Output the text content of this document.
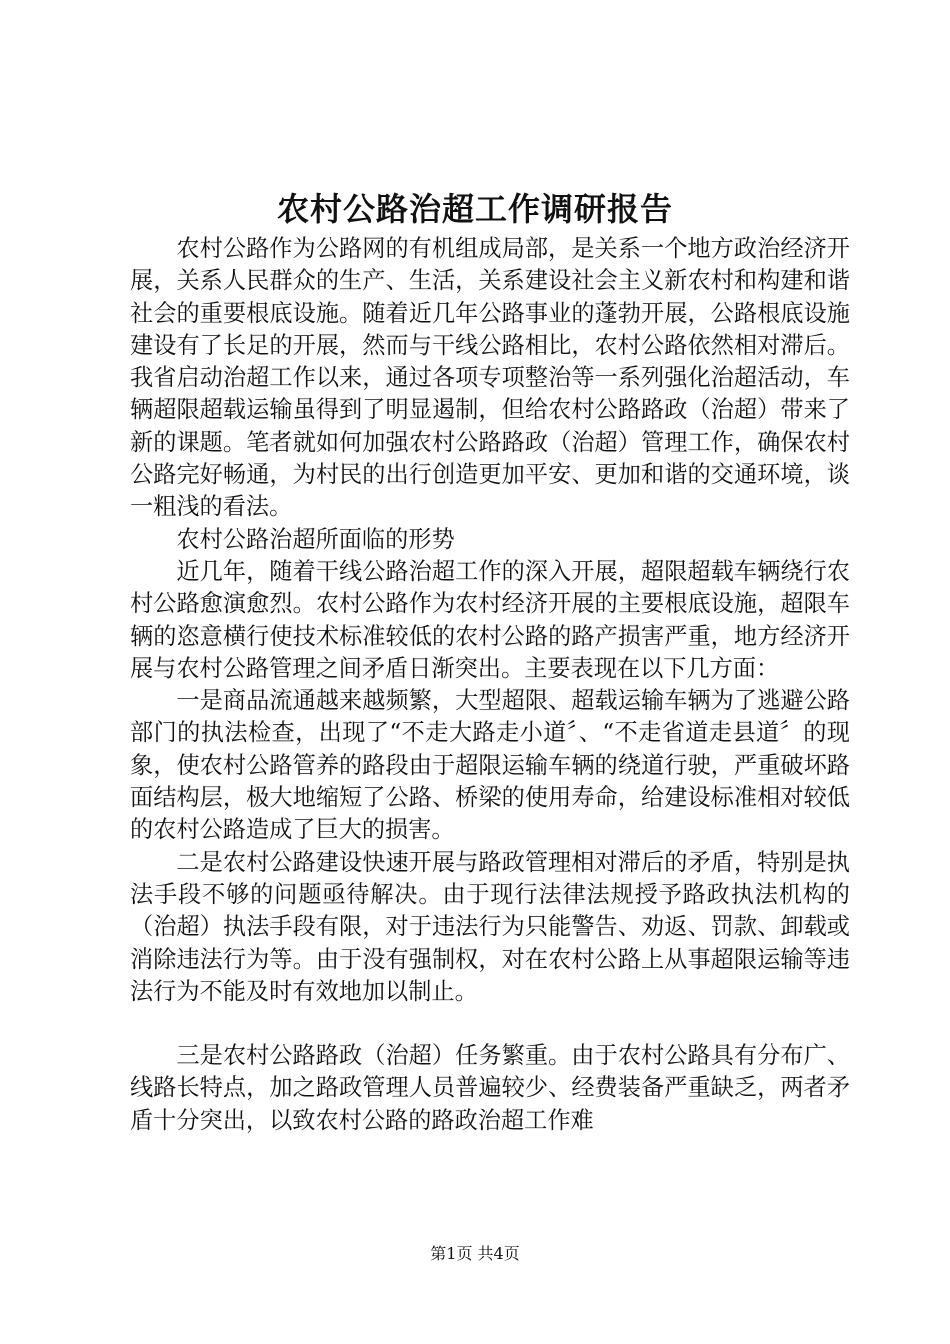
农村公路治超工作调研报告

农村公路作为公路网的有机组成局部，是关系一个地方政治经济开展，关系人民群众的生产、生活，关系建设社会主义新农村和构建和谐社会的重要根底设施。随着近几年公路事业的蓬勃开展，公路根底设施建设有了长足的开展，然而与干线公路相比，农村公路依然相对滞后。我省启动治超工作以来，通过各项专项整治等一系列强化治超活动，车辆超限超载运输虽得到了明显遏制，但给农村公路路政（治超）带来了新的课题。笔者就如何加强农村公路路政（治超）管理工作，确保农村公路完好畅通，为村民的出行创造更加平安、更加和谐的交通环境，谈一粗浅的看法。

农村公路治超所面临的形势

近几年，随着干线公路治超工作的深入开展，超限超载车辆绕行农村公路愈演愈烈。农村公路作为农村经济开展的主要根底设施，超限车辆的恣意横行使技术标准较低的农村公路的路产损害严重，地方经济开展与农村公路管理之间矛盾日渐突出。主要表现在以下几方面：

一是商品流通越来越频繁，大型超限、超载运输车辆为了逃避公路部门的执法检查，出现了“不走大路走小道〞、“不走省道走县道〞的现象，使农村公路管养的路段由于超限运输车辆的绕道行驶，严重破坏路面结构层，极大地缩短了公路、桥梁的使用寿命，给建设标准相对较低的农村公路造成了巨大的损害。

二是农村公路建设快速开展与路政管理相对滞后的矛盾，特别是执法手段不够的问题亟待解决。由于现行法律法规授予路政执法机构的（治超）执法手段有限，对于违法行为只能警告、劝返、罚款、卸载或消除违法行为等。由于没有强制权，对在农村公路上从事超限运输等违法行为不能及时有效地加以制止。

三是农村公路路政（治超）任务繁重。由于农村公路具有分布广、线路长特点，加之路政管理人员普遍较少、经费装备严重缺乏，两者矛盾十分突出，以致农村公路的路政治超工作难

第1页 共4页
